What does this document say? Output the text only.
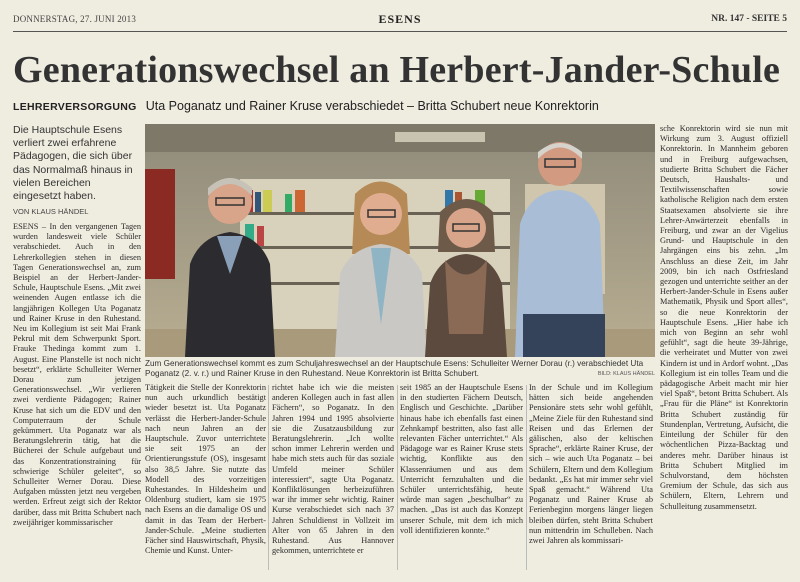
DONNERSTAG, 27. JUNI 2013	ESENS	NR. 147 - SEITE 5
Generationswechsel an Herbert-Jander-Schule
LEHRERVERSORGUNG Uta Poganatz und Rainer Kruse verabschiedet – Britta Schubert neue Konrektorin
Die Hauptschule Esens verliert zwei erfahrene Pädagogen, die sich über das Normalmaß hinaus in vielen Bereichen eingesetzt haben.
VON KLAUS HÄNDEL
Zum Generationswechsel kommt es zum Schuljahreswechsel an der Hauptschule Esens: Schulleiter Werner Dorau (r.) verabschiedet Uta Poganatz (2. v. r.) und Rainer Kruse in den Ruhestand. Neue Konrektorin ist Britta Schubert.	BILD: KLAUS HÄNDEL
ESENS – In den vergangenen Tagen wurden landesweit viele Schüler verabschiedet. Auch in den Lehrerkollegien stehen in diesen Tagen Generationswechsel an, zum Beispiel an der Herbert-Jander-Schule, Hauptschule Esens. „Mit zwei weinenden Augen entlasse ich die langjährigen Kollegen Uta Poganatz und Rainer Kruse in den Ruhestand. Neu im Kollegium ist seit Mai Frank Pekrul mit dem Schwerpunkt Sport. Frauke Thedinga kommt zum 1. August. Eine Planstelle ist noch nicht besetzt“, erklärte Schulleiter Werner Dorau zum jetzigen Generationswechsel. „Wir verlieren zwei verdiente Pädagogen; Rainer Kruse hat sich um die EDV und den Computerraum der Schule gekümmert. Uta Poganatz war als Beratungslehrerin tätig, hat die Bücherei der Schule aufgebaut und das Konzentrationstraining für schwierige Schüler geleitet“, so Schulleiter Werner Dorau. Diese Aufgaben müssten jetzt neu vergeben werden. Erfreut zeigt sich der Rektor darüber, dass mit Britta Schubert nach zweijähriger kommissarischer
Tätigkeit die Stelle der Konrektorin nun auch urkundlich bestätigt wieder besetzt ist. Uta Poganatz verlässt die Herbert-Jander-Schule nach neun Jahren an der Hauptschule. Zuvor unterrichtete sie seit 1975 an der Orientierungsstufe (OS), insgesamt also 38,5 Jahre. Sie nutzte das Modell des vorzeitigen Ruhestandes. In Hildesheim und Oldenburg studiert, kam sie 1975 nach Esens an die damalige OS und damit in das Team der Herbert-Jander-Schule. „Meine studierten Fächer sind Hauswirtschaft, Physik, Chemie und Kunst. Unter-
richtet habe ich wie die meisten anderen Kollegen auch in fast allen Fächern“, so Poganatz. In den Jahren 1994 und 1995 absolvierte sie die Zusatzausbildung zur Beratungslehrerin. „Ich wollte schon immer Lehrerin werden und habe mich stets auch für das soziale Umfeld meiner Schüler interessiert“, sagte Uta Poganatz. Konfliktlösungen herbeizuführen war ihr immer sehr wichtig. Rainer Kurse verabschiedet sich nach 37 Jahren Schuldienst in Vollzeit im Alter von 65 Jahren in den Ruhestand. Aus Hannover gekommen, unterrichtete er
seit 1985 an der Hauptschule Esens in den studierten Fächern Deutsch, Englisch und Geschichte. „Darüber hinaus habe ich ebenfalls fast einen Zehnkampf bestritten, also fast alle relevanten Fächer unterrichtet.“ Als Pädagoge war es Rainer Kruse stets wichtig, Konflikte aus den Klassenräumen und aus dem Unterricht fernzuhalten und die Schüler unterrichtsfähig, heute würde man sagen „beschulbar“ zu machen. „Das ist auch das Konzept unserer Schule, mit dem ich mich voll identifizieren konnte.“
In der Schule und im Kollegium hätten sich beide angehenden Pensionäre stets sehr wohl gefühlt, „Meine Ziele für den Ruhestand sind Reisen und das Erlernen der gälischen, also der keltischen Sprache“, erklärte Rainer Kruse, der sich – wie auch Uta Poganatz – bei Schülern, Eltern und dem Kollegium bedankt. „Es hat mir immer sehr viel Spaß gemacht.“ Während Uta Poganatz und Rainer Kruse ab Ferienbeginn morgens länger liegen bleiben dürfen, steht Britta Schubert nun mittendrin im Schulleben. Nach zwei Jahren als kommissari-
sche Konrektorin wird sie nun mit Wirkung zum 3. August offiziell Konrektorin. In Mannheim geboren und in Freiburg aufgewachsen, studierte Britta Schubert die Fächer Deutsch, Haushalts- und Textilwissenschaften sowie katholische Religion nach dem ersten Staatsexamen absolvierte sie ihre Lehrer-Anwärterzeit ebenfalls in Freiburg, und zwar an der Vigelius Grund- und Hauptschule in den Jahrgängen eins bis zehn. „Im Anschluss an diese Zeit, im Jahr 2009, bin ich nach Ostfriesland gezogen und unterrichte seither an der Herbert-Jander-Schule in Esens außer Mathematik, Physik und Sport alles“, so die neue Konrektorin der Hauptschule Esens. „Hier habe ich mich von Beginn an sehr wohl gefühlt“, sagt die heute 39-Jährige, die verheiratet und Mutter von zwei Kindern ist und in Ardorf wohnt. „Das Kollegium ist ein tolles Team und die pädagogische Arbeit macht mir hier viel Spaß“, betont Britta Schubert. Als „Frau für die Pläne“ ist Konrektorin Britta Schubert zuständig für Stundenplan, Vertretung, Aufsicht, die Einteilung der Schüler für den wöchentlichen Pizza-Backtag und anderes mehr. Darüber hinaus ist Britta Schubert Mitglied im Schulvorstand, dem höchsten Gremium der Schule, das sich aus Schülern, Eltern, Lehrern und Schulleitung zusammensetzt.
